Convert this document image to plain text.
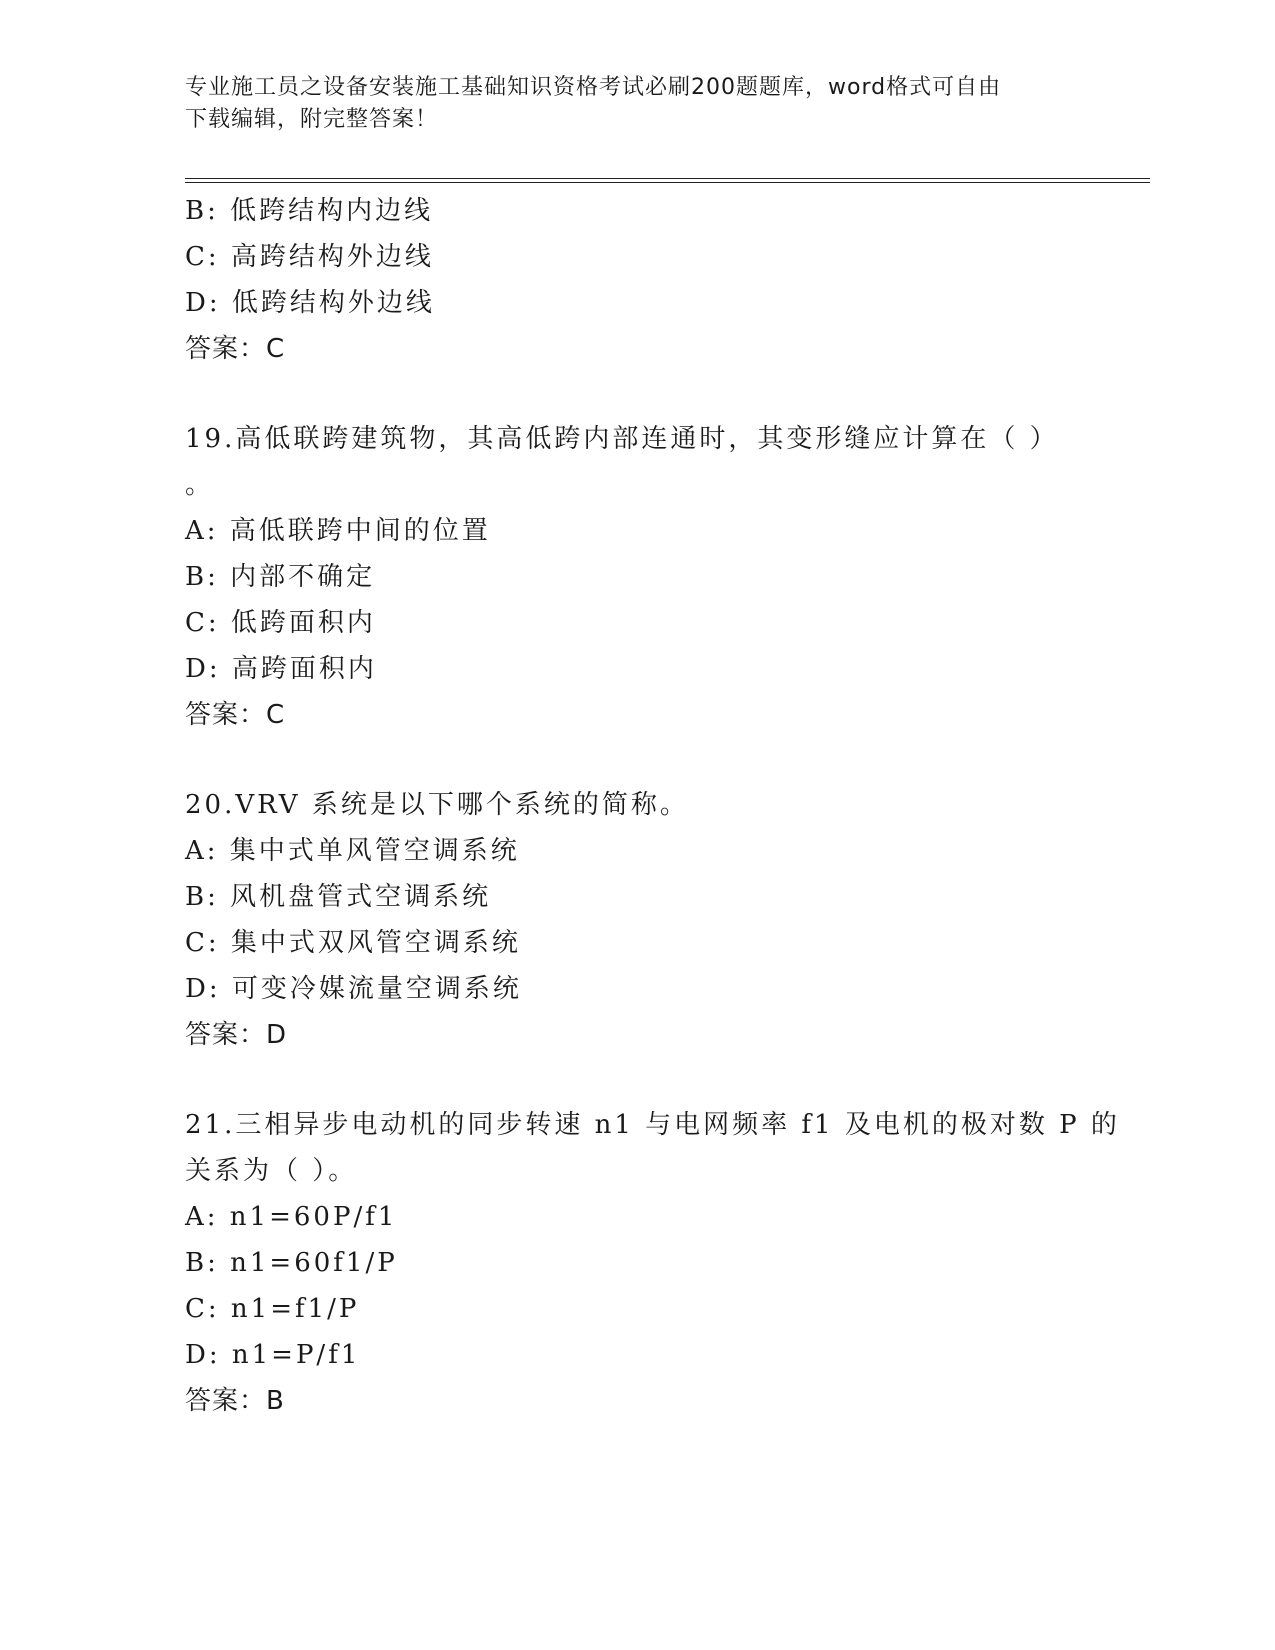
专业施工员之设备安装施工基础知识资格考试必刷200题题库，word格式可自由
下载编辑，附完整答案！
B: 低跨结构内边线
C: 高跨结构外边线
D: 低跨结构外边线
答案：C
19.高低联跨建筑物，其高低跨内部连通时，其变形缝应计算在（ ）
。
A: 高低联跨中间的位置
B: 内部不确定
C: 低跨面积内
D: 高跨面积内
答案：C
20.VRV 系统是以下哪个系统的简称。
A: 集中式单风管空调系统
B: 风机盘管式空调系统
C: 集中式双风管空调系统
D: 可变冷媒流量空调系统
答案：D
21.三相异步电动机的同步转速 n1 与电网频率 f1 及电机的极对数 P 的
关系为（ ）。
A: n1=60P/f1
B: n1=60f1/P
C: n1=f1/P
D: n1=P/f1
答案：B
